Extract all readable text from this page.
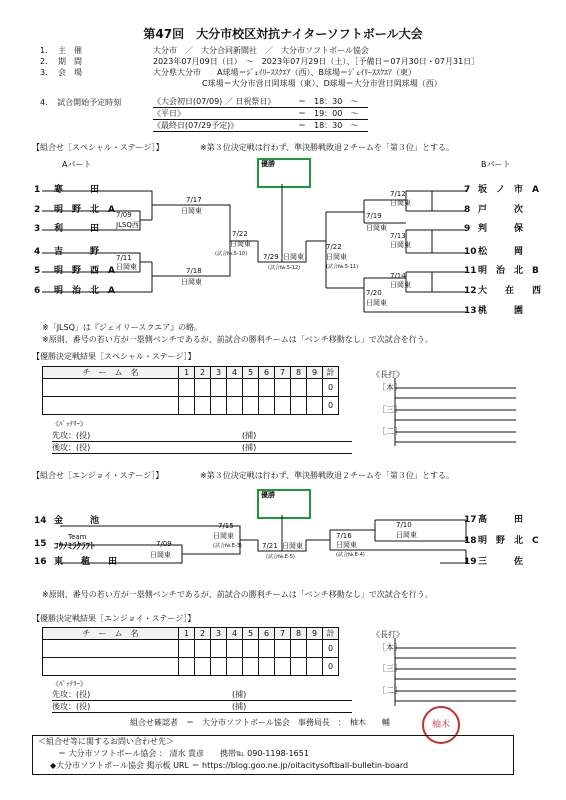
第47回　大分市校区対抗ナイターソフトボール大会
1． 主　催	大分市　／　大分合同新聞社　／　大分市ソフトボール協会
2． 期　間	2023年07月09日（日）　～　2023年07月29日（土）、［予備日＝07月30日・07月31日］
3． 会　場	大分県大分市　　A球場＝ｼﾞｪｲﾘｰｽｽｸｴｱ（西）、B球場＝ｼﾞｪｲﾘｰｽｽｸｴｱ（東）
C球場＝大分市営日岡球場（東）、D球場＝大分市営日岡球場（西）
4．　試合開始予定時刻	《大会初日(07/09) ／ 日祝祭日》	＝　18：30　～
《平日》	＝　19：00　～
《最終日(07/29予定)》	＝　18：30　～
【組合せ［スペシャル・ステージ］】	※第３位決定戦は行わず、準決勝戦敗退２チームを「第３位」とする。
Aパート	Bパート
優勝
1 寒　　　田
2 明　野　北　A
3 利　　　田
4 吉　　　野
5 明　野　西　A
6 明　治　北　A
7 坂　ノ　市　A
8 戸　　　次
9 判　　　保
10 松　　　岡
11 明　治　北　B
12 大　　在　　西
13 桃　　　園
7/09
JLSQ西
7/11
日岡東
7/17
日岡東
7/18
日岡東
7/22
日岡東
(試合№.5-10) 7/29 日岡東
(試合№.5-12)
7/22
日岡東
(試合№.5-11)
7/12
日岡東
7/13
日岡東
7/14
日岡東
7/19
日岡東
7/20
日岡東
※「JLSQ」は『ジェイリースクエア』の略。
※原則、番号の若い方が一塁側ベンチであるが、前試合の勝利チームは「ベンチ移動なし」で次試合を行う。
【優勝決定戦結果［スペシャル・ステージ］】
チ　ー　ム　名	1	2	3	4	5	6	7	8	9	計
										0
										0
《ﾊﾞｯﾃﾘｰ》
先攻：(投)	(捕)
後攻：(投)	(捕)
《長打》
［本］
［三］
［二］
【組合せ［エンジョイ・ステージ］】	※第３位決定戦は行わず、準決勝戦敗退２チームを「第３位」とする。
優勝
14 金　　　池
15
Team
ｺｳﾉﾐﾗｸﾗﾌﾄ
16 東　　稙　　田
17 高　　　田
18 明　野　北　C
19 三　　　佐
7/09
日岡東
7/15
日岡東
(試合№.E-3)	7/21 日岡東
(試合№.E-5)
7/16
日岡東
(試合№.E-4)
7/10
日岡東
※原則、番号の若い方が一塁側ベンチであるが、前試合の勝利チームは「ベンチ移動なし」で次試合を行う。
【優勝決定戦結果［エンジョイ・ステージ］】
チ　ー　ム　名	1	2	3	4	5	6	7	8	9	計
										0
										0
《ﾊﾞｯﾃﾘｰ》
先攻：(投)	(捕)
後攻：(投)	(捕)
《長打》
［本］
［三］
［二］
組合せ確認者　＝　大分市ソフトボール協会　事務局長　：　柚木　　輔	柚木
＜組合せ等に関するお問い合わせ先＞
＝ 大分市ソフトボール協会 ： 清水 貴彦　　携帯℡ 090-1198-1651
◆大分市ソフトボール協会 掲示板 URL ＝ https://blog.goo.ne.jp/oitacitysoftball-bulletin-board
